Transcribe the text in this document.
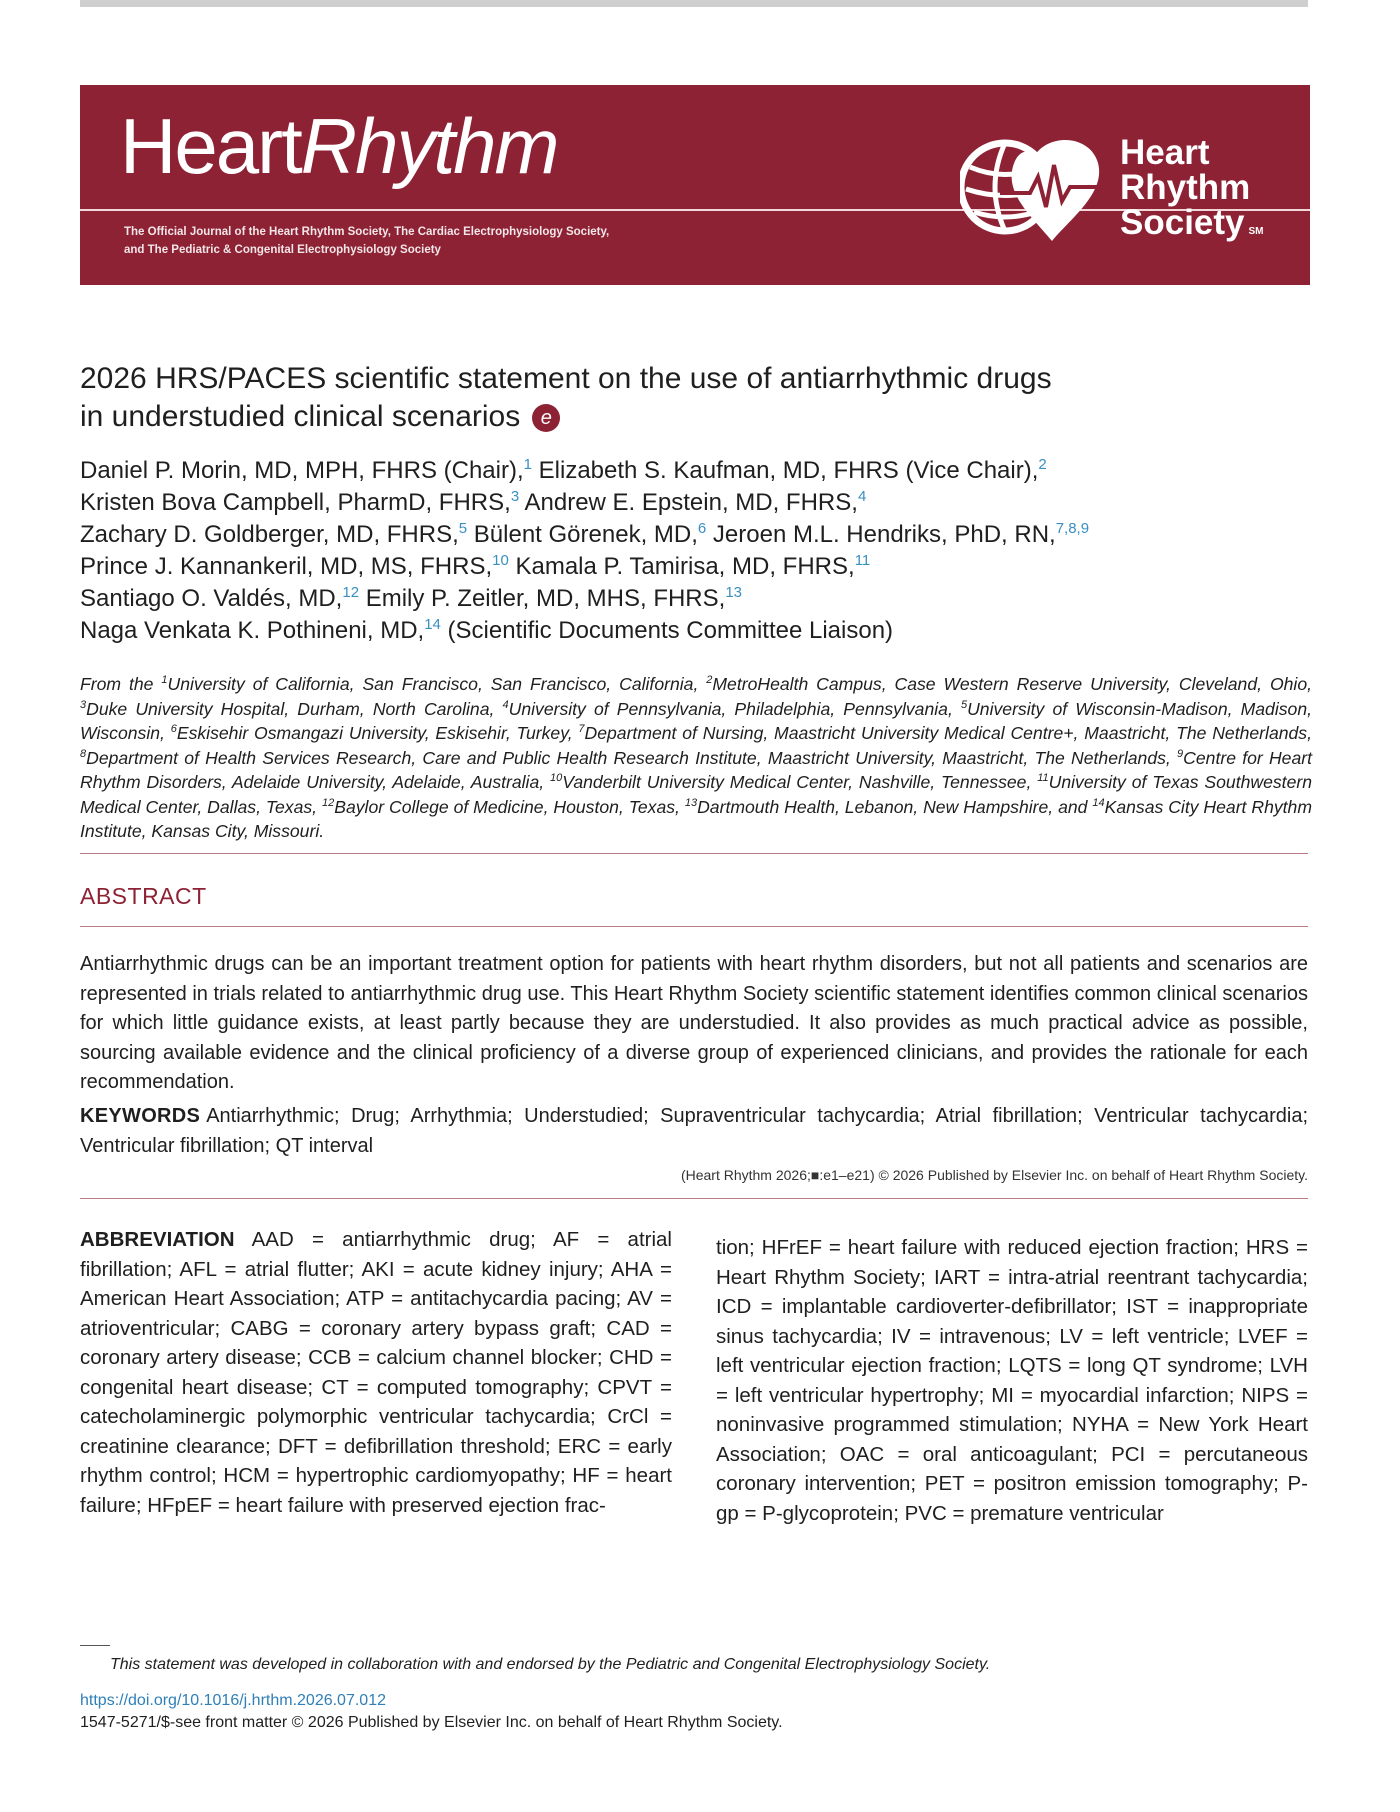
HeartRhythm
The Official Journal of the Heart Rhythm Society, The Cardiac Electrophysiology Society,
and The Pediatric & Congenital Electrophysiology Society
Heart
Rhythm
Society SM
2026 HRS/PACES scientific statement on the use of antiarrhythmic drugs
in understudied clinical scenarios e
Daniel P. Morin, MD, MPH, FHRS (Chair),$^1$ Elizabeth S. Kaufman, MD, FHRS (Vice Chair),$^2$
Kristen Bova Campbell, PharmD, FHRS,$^3$ Andrew E. Epstein, MD, FHRS,$^4$
Zachary D. Goldberger, MD, FHRS,$^5$ Bülent Görenek, MD,$^6$ Jeroen M.L. Hendriks, PhD, RN,$^{7,8,9}$
Prince J. Kannankeril, MD, MS, FHRS,$^{10}$ Kamala P. Tamirisa, MD, FHRS,$^{11}$
Santiago O. Valdés, MD,$^{12}$ Emily P. Zeitler, MD, MHS, FHRS,$^{13}$
Naga Venkata K. Pothineni, MD,$^{14}$ (Scientific Documents Committee Liaison)
From the $^1$University of California, San Francisco, San Francisco, California, $^2$MetroHealth Campus, Case Western Reserve University, Cleveland, Ohio, $^3$Duke University Hospital, Durham, North Carolina, $^4$University of Pennsylvania, Philadelphia, Pennsylvania, $^5$University of Wisconsin-Madison, Madison, Wisconsin, $^6$Eskisehir Osmangazi University, Eskisehir, Turkey, $^7$Department of Nursing, Maastricht University Medical Centre+, Maastricht, The Netherlands, $^8$Department of Health Services Research, Care and Public Health Research Institute, Maastricht University, Maastricht, The Netherlands, $^9$Centre for Heart Rhythm Disorders, Adelaide University, Adelaide, Australia, $^{10}$Vanderbilt University Medical Center, Nashville, Tennessee, $^{11}$University of Texas Southwestern Medical Center, Dallas, Texas, $^{12}$Baylor College of Medicine, Houston, Texas, $^{13}$Dartmouth Health, Lebanon, New Hampshire, and $^{14}$Kansas City Heart Rhythm Institute, Kansas City, Missouri.
ABSTRACT
Antiarrhythmic drugs can be an important treatment option for patients with heart rhythm disorders, but not all patients and scenarios are represented in trials related to antiarrhythmic drug use. This Heart Rhythm Society scientific statement identifies common clinical scenarios for which little guidance exists, at least partly because they are understudied. It also provides as much practical advice as possible, sourcing available evidence and the clinical proficiency of a diverse group of experienced clinicians, and provides the rationale for each recommendation.
KEYWORDS Antiarrhythmic; Drug; Arrhythmia; Understudied; Supraventricular tachycardia; Atrial fibrillation; Ventricular tachycardia; Ventricular fibrillation; QT interval
(Heart Rhythm 2026;■:e1–e21) © 2026 Published by Elsevier Inc. on behalf of Heart Rhythm Society.
ABBREVIATION AAD = antiarrhythmic drug; AF = atrial fibrillation; AFL = atrial flutter; AKI = acute kidney injury; AHA = American Heart Association; ATP = antitachycardia pacing; AV = atrioventricular; CABG = coronary artery bypass graft; CAD = coronary artery disease; CCB = calcium channel blocker; CHD = congenital heart disease; CT = computed tomography; CPVT = catecholaminergic polymorphic ventricular tachycardia; CrCl = creatinine clearance; DFT = defibrillation threshold; ERC = early rhythm control; HCM = hypertrophic cardiomyopathy; HF = heart failure; HFpEF = heart failure with preserved ejection frac-
tion; HFrEF = heart failure with reduced ejection fraction; HRS = Heart Rhythm Society; IART = intra-atrial reentrant tachycardia; ICD = implantable cardioverter-defibrillator; IST = inappropriate sinus tachycardia; IV = intravenous; LV = left ventricle; LVEF = left ventricular ejection fraction; LQTS = long QT syndrome; LVH = left ventricular hypertrophy; MI = myocardial infarction; NIPS = noninvasive programmed stimulation; NYHA = New York Heart Association; OAC = oral anticoagulant; PCI = percutaneous coronary intervention; PET = positron emission tomography; P-gp = P-glycoprotein; PVC = premature ventricular
This statement was developed in collaboration with and endorsed by the Pediatric and Congenital Electrophysiology Society.
https://doi.org/10.1016/j.hrthm.2026.07.012
1547-5271/$-see front matter © 2026 Published by Elsevier Inc. on behalf of Heart Rhythm Society.
